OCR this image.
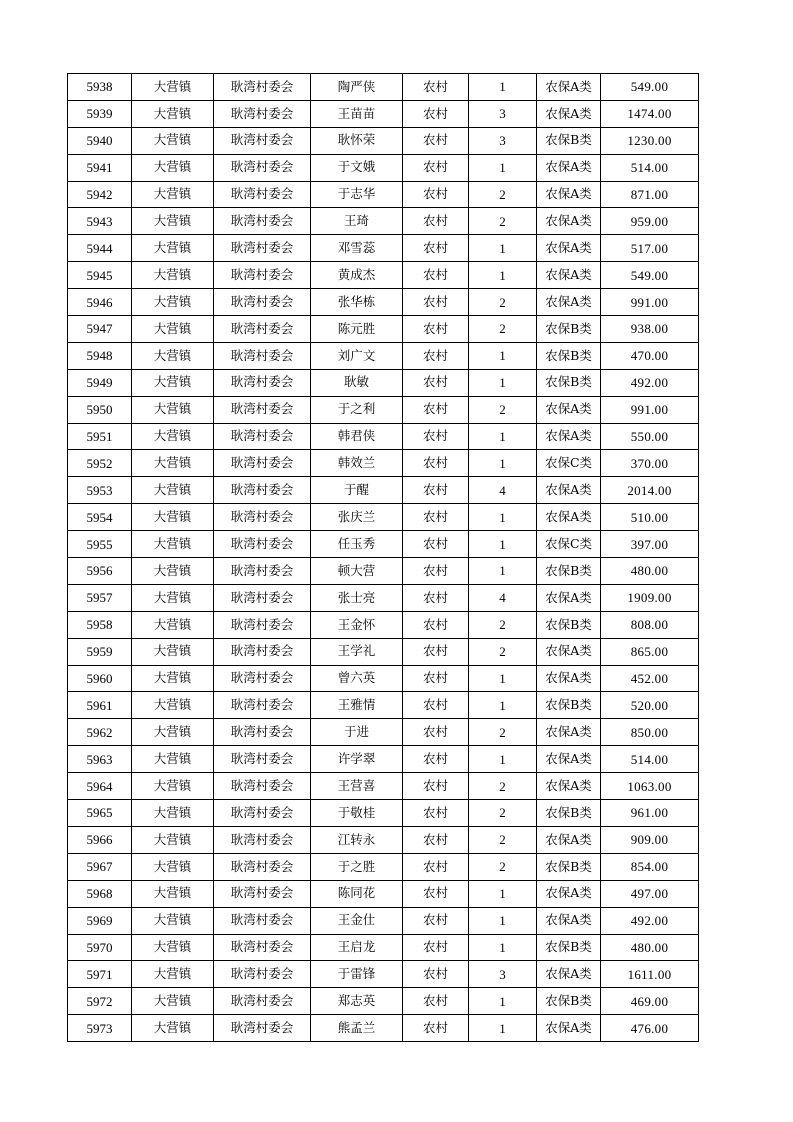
5938	大营镇	耿湾村委会	陶严侠	农村	1	农保A类	549.00
5939	大营镇	耿湾村委会	王苗苗	农村	3	农保A类	1474.00
5940	大营镇	耿湾村委会	耿怀荣	农村	3	农保B类	1230.00
5941	大营镇	耿湾村委会	于文娥	农村	1	农保A类	514.00
5942	大营镇	耿湾村委会	于志华	农村	2	农保A类	871.00
5943	大营镇	耿湾村委会	王琦	农村	2	农保A类	959.00
5944	大营镇	耿湾村委会	邓雪蕊	农村	1	农保A类	517.00
5945	大营镇	耿湾村委会	黄成杰	农村	1	农保A类	549.00
5946	大营镇	耿湾村委会	张华栋	农村	2	农保A类	991.00
5947	大营镇	耿湾村委会	陈元胜	农村	2	农保B类	938.00
5948	大营镇	耿湾村委会	刘广文	农村	1	农保B类	470.00
5949	大营镇	耿湾村委会	耿敏	农村	1	农保B类	492.00
5950	大营镇	耿湾村委会	于之利	农村	2	农保A类	991.00
5951	大营镇	耿湾村委会	韩君侠	农村	1	农保A类	550.00
5952	大营镇	耿湾村委会	韩效兰	农村	1	农保C类	370.00
5953	大营镇	耿湾村委会	于醒	农村	4	农保A类	2014.00
5954	大营镇	耿湾村委会	张庆兰	农村	1	农保A类	510.00
5955	大营镇	耿湾村委会	任玉秀	农村	1	农保C类	397.00
5956	大营镇	耿湾村委会	顿大营	农村	1	农保B类	480.00
5957	大营镇	耿湾村委会	张士亮	农村	4	农保A类	1909.00
5958	大营镇	耿湾村委会	王金怀	农村	2	农保B类	808.00
5959	大营镇	耿湾村委会	王学礼	农村	2	农保A类	865.00
5960	大营镇	耿湾村委会	曾六英	农村	1	农保A类	452.00
5961	大营镇	耿湾村委会	王雅情	农村	1	农保B类	520.00
5962	大营镇	耿湾村委会	于进	农村	2	农保A类	850.00
5963	大营镇	耿湾村委会	许学翠	农村	1	农保A类	514.00
5964	大营镇	耿湾村委会	王营喜	农村	2	农保A类	1063.00
5965	大营镇	耿湾村委会	于敬桂	农村	2	农保B类	961.00
5966	大营镇	耿湾村委会	江转永	农村	2	农保A类	909.00
5967	大营镇	耿湾村委会	于之胜	农村	2	农保B类	854.00
5968	大营镇	耿湾村委会	陈同花	农村	1	农保A类	497.00
5969	大营镇	耿湾村委会	王金仕	农村	1	农保A类	492.00
5970	大营镇	耿湾村委会	王启龙	农村	1	农保B类	480.00
5971	大营镇	耿湾村委会	于雷锋	农村	3	农保A类	1611.00
5972	大营镇	耿湾村委会	郑志英	农村	1	农保B类	469.00
5973	大营镇	耿湾村委会	熊孟兰	农村	1	农保A类	476.00
